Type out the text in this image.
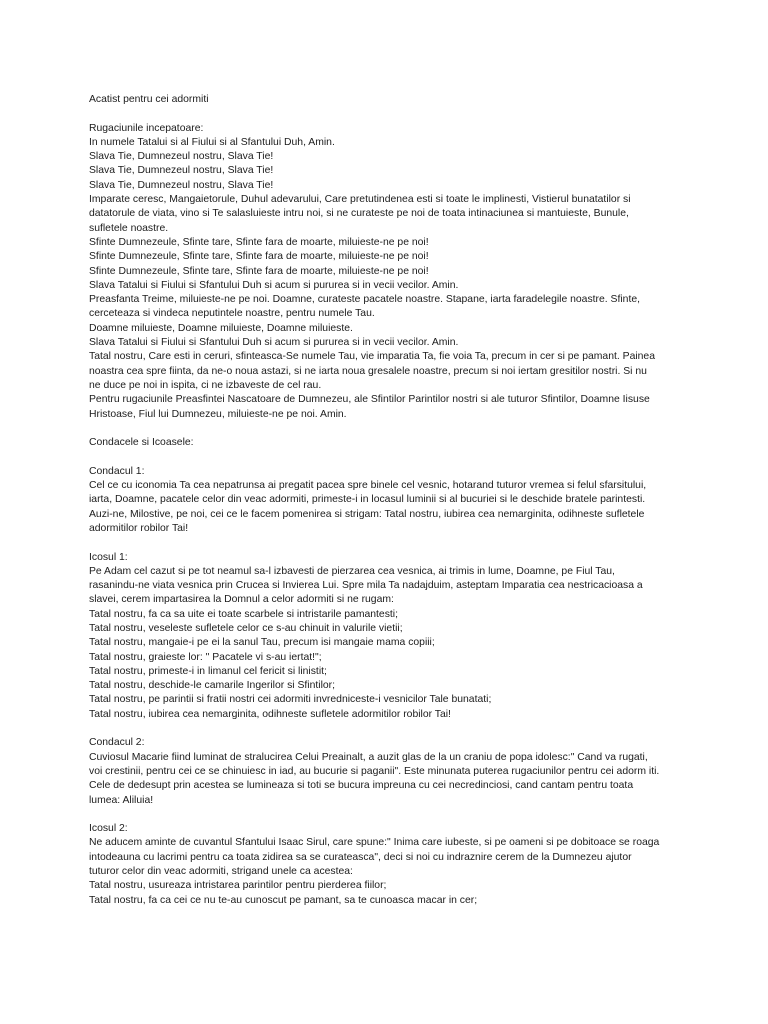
Acatist pentru cei adormiti
Rugaciunile incepatoare:
In numele Tatalui si al Fiului si al Sfantului Duh, Amin.
Slava Tie, Dumnezeul nostru, Slava Tie!
Slava Tie, Dumnezeul nostru, Slava Tie!
Slava Tie, Dumnezeul nostru, Slava Tie!
Imparate ceresc, Mangaietorule, Duhul adevarului, Care pretutindenea esti si toate le implinesti, Vistierul bunatatilor si
datatorule de viata, vino si Te salasluieste intru noi, si ne curateste pe noi de toata intinaciunea si mantuieste, Bunule,
sufletele noastre.
Sfinte Dumnezeule, Sfinte tare, Sfinte fara de moarte, miluieste-ne pe noi!
Sfinte Dumnezeule, Sfinte tare, Sfinte fara de moarte, miluieste-ne pe noi!
Sfinte Dumnezeule, Sfinte tare, Sfinte fara de moarte, miluieste-ne pe noi!
Slava Tatalui si Fiului si Sfantului Duh si acum si pururea si in vecii vecilor. Amin.
Preasfanta Treime, miluieste-ne pe noi. Doamne, curateste pacatele noastre. Stapane, iarta faradelegile noastre. Sfinte,
cerceteaza si vindeca neputintele noastre, pentru numele Tau.
Doamne miluieste, Doamne miluieste, Doamne miluieste.
Slava Tatalui si Fiului si Sfantului Duh si acum si pururea si in vecii vecilor. Amin.
Tatal nostru, Care esti in ceruri, sfinteasca-Se numele Tau, vie imparatia Ta, fie voia Ta, precum in cer si pe pamant. Painea
noastra cea spre fiinta, da ne-o noua astazi, si ne iarta noua gresalele noastre, precum si noi iertam gresitilor nostri. Si nu
ne duce pe noi in ispita, ci ne izbaveste de cel rau.
Pentru rugaciunile Preasfintei Nascatoare de Dumnezeu, ale Sfintilor Parintilor nostri si ale tuturor Sfintilor, Doamne Iisuse
Hristoase, Fiul lui Dumnezeu, miluieste-ne pe noi. Amin.
Condacele si Icoasele:
Condacul 1:
Cel ce cu iconomia Ta cea nepatrunsa ai pregatit pacea spre binele cel vesnic, hotarand tuturor vremea si felul sfarsitului,
iarta, Doamne, pacatele celor din veac adormiti, primeste-i in locasul luminii si al bucuriei si le deschide bratele parintesti.
Auzi-ne, Milostive, pe noi, cei ce le facem pomenirea si strigam: Tatal nostru, iubirea cea nemarginita, odihneste sufletele
adormitilor robilor Tai!
Icosul 1:
Pe Adam cel cazut si pe tot neamul sa-l izbavesti de pierzarea cea vesnica, ai trimis in lume, Doamne, pe Fiul Tau,
rasanindu-ne viata vesnica prin Crucea si Invierea Lui. Spre mila Ta nadajduim, asteptam Imparatia cea nestricacioasa a
slavei, cerem impartasirea la Domnul a celor adormiti si ne rugam:
Tatal nostru, fa ca sa uite ei toate scarbele si intristarile pamantesti;
Tatal nostru, veseleste sufletele celor ce s-au chinuit in valurile vietii;
Tatal nostru, mangaie-i pe ei la sanul Tau, precum isi mangaie mama copiii;
Tatal nostru, graieste lor: " Pacatele vi s-au iertat!";
Tatal nostru, primeste-i in limanul cel fericit si linistit;
Tatal nostru, deschide-le camarile Ingerilor si Sfintilor;
Tatal nostru, pe parintii si fratii nostri cei adormiti invredniceste-i vesnicilor Tale bunatati;
Tatal nostru, iubirea cea nemarginita, odihneste sufletele adormitilor robilor Tai!
Condacul 2:
Cuviosul Macarie fiind luminat de stralucirea Celui Preainalt, a auzit glas de la un craniu de popa idolesc:" Cand va rugati,
voi crestinii, pentru cei ce se chinuiesc in iad, au bucurie si paganii". Este minunata puterea rugaciunilor pentru cei adorm iti.
Cele de dedesupt prin acestea se lumineaza si toti se bucura impreuna cu cei necredinciosi, cand cantam pentru toata
lumea: Aliluia!
Icosul 2:
Ne aducem aminte de cuvantul Sfantului Isaac Sirul, care spune:" Inima care iubeste, si pe oameni si pe dobitoace se roaga
intodeauna cu lacrimi pentru ca toata zidirea sa se curateasca", deci si noi cu indraznire cerem de la Dumnezeu ajutor
tuturor celor din veac adormiti, strigand unele ca acestea:
Tatal nostru, usureaza intristarea parintilor pentru pierderea fiilor;
Tatal nostru, fa ca cei ce nu te-au cunoscut pe pamant, sa te cunoasca macar in cer;
